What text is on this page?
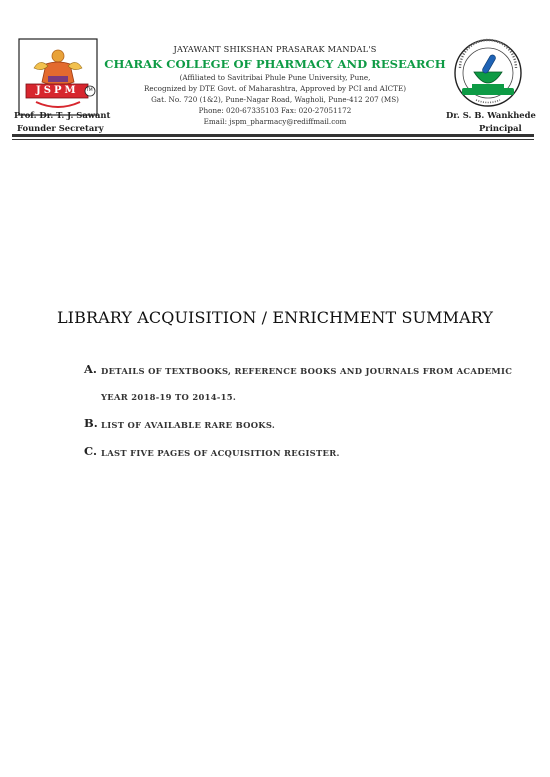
JSPM TM
JAYAWANT SHIKSHAN PRASARAK MANDAL'S
CHARAK COLLEGE OF PHARMACY AND RESEARCH
(Affiliated to Savitribai Phule Pune University, Pune,
Recognized by DTE Govt. of Maharashtra, Approved by PCI and AICTE)
Gat. No. 720 (1&2), Pune-Nagar Road, Wagholi, Pune-412 207 (MS)
Phone: 020-67335103 Fax: 020-27051172
Email: jspm_pharmacy@rediffmail.com
Prof. Dr. T. J. Sawant
Founder Secretary
Dr. S. B. Wankhede
Principal
LIBRARY ACQUISITION / ENRICHMENT SUMMARY
A. DETAILS OF TEXTBOOKS, REFERENCE BOOKS AND JOURNALS FROM ACADEMIC
YEAR 2018-19 TO 2014-15.
B. LIST OF AVAILABLE RARE BOOKS.
C. LAST FIVE PAGES OF ACQUISITION REGISTER.
